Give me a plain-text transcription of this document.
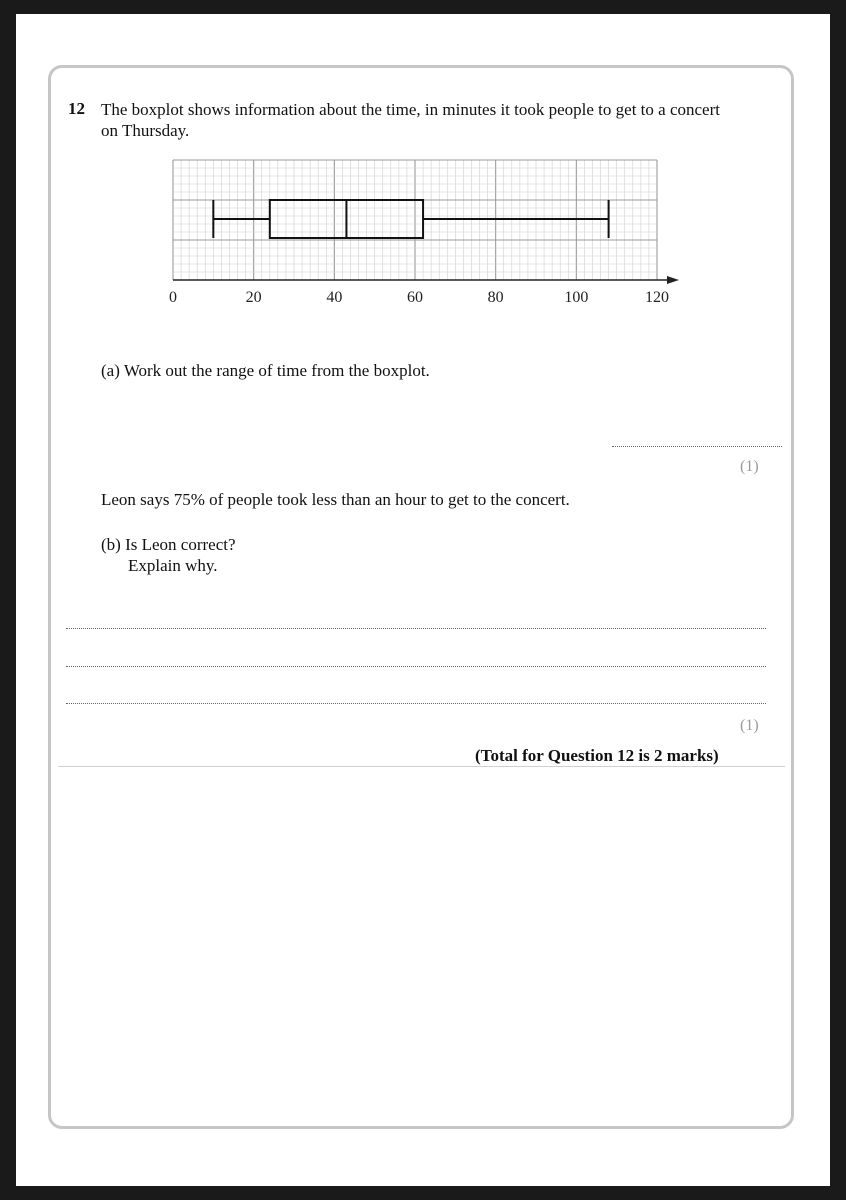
12 The boxplot shows information about the time, in minutes it took people to get to a concert
on Thursday.
0	20	40	60	80	100	120
(a) Work out the range of time from the boxplot.
(1)
Leon says 75% of people took less than an hour to get to the concert.
(b) Is Leon correct?
Explain why.
(1)
(Total for Question 12 is 2 marks)
